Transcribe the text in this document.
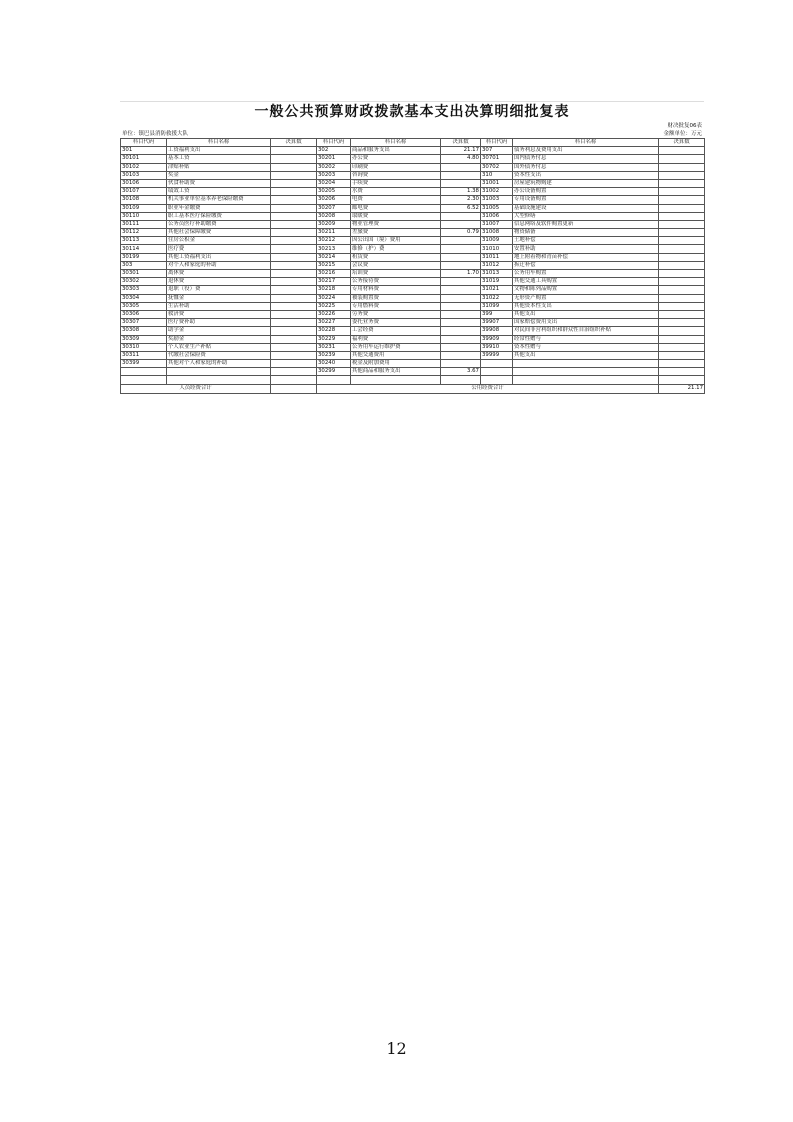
一般公共预算财政拨款基本支出决算明细批复表
财决批复06表
单位：镇巴县消防救援大队	金额单位：万元
科目代码	科目名称	决算数	科目代码	科目名称	决算数	科目代码	科目名称	决算数
301	工资福利支出		302	商品和服务支出	21.17	307	债务利息及费用支出	
30101	基本工资		30201	办公费	4.80	30701	国内债务付息	
30102	津贴补贴		30202	印刷费		30702	国外债务付息	
30103	奖金		30203	咨询费		310	资本性支出	
30106	伙食补助费		30204	手续费		31001	房屋建筑物购建	
30107	绩效工资		30205	水费	1.38	31002	办公设备购置	
30108	机关事业单位基本养老保险缴费		30206	电费	2.30	31003	专用设备购置	
30109	职业年金缴费		30207	邮电费	6.52	31005	基础设施建设	
30110	职工基本医疗保险缴费		30208	取暖费		31006	大型修缮	
30111	公务员医疗补助缴费		30209	物业管理费		31007	信息网络及软件购置更新	
30112	其他社会保障缴费		30211	差旅费	0.79	31008	物资储备	
30113	住房公积金		30212	因公出国（境）费用		31009	土地补偿	
30114	医疗费		30213	维修（护）费		31010	安置补助	
30199	其他工资福利支出		30214	租赁费		31011	地上附着物和青苗补偿	
303	对个人和家庭的补助		30215	会议费		31012	拆迁补偿	
30301	离休费		30216	培训费	1.70	31013	公务用车购置	
30302	退休费		30217	公务接待费		31019	其他交通工具购置	
30303	退职（役）费		30218	专用材料费		31021	文物和陈列品购置	
30304	抚恤金		30224	被装购置费		31022	无形资产购置	
30305	生活补助		30225	专用燃料费		31099	其他资本性支出	
30306	救济费		30226	劳务费		399	其他支出	
30307	医疗费补助		30227	委托业务费		39907	国家赔偿费用支出	
30308	助学金		30228	工会经费		39908	对民间非营利组织和群众性自治组织补贴	
30309	奖励金		30229	福利费		39909	经常性赠与	
30310	个人农业生产补贴		30231	公务用车运行维护费		39910	资本性赠与	
30311	代缴社会保险费		30239	其他交通费用		39999	其他支出	
30399	其他对个人和家庭的补助		30240	税金及附加费用				
			30299	其他商品和服务支出	3.67			

人员经费合计			公用经费合计					21.17
12
